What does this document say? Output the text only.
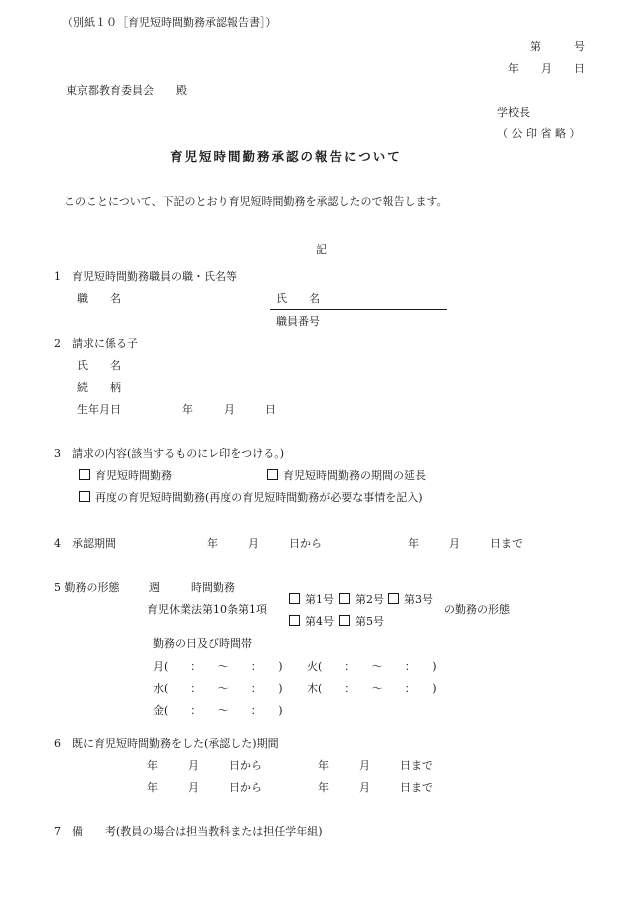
（別紙１０［育児短時間勤務承認報告書］）
第　　　号
年　　月　　日
東京都教育委員会　　殿
学校長
（ 公 印 省 略 ）
育児短時間勤務承認の報告について
このことについて、下記のとおり育児短時間勤務を承認したので報告します。
記
1　育児短時間勤務職員の職・氏名等
職　　名	氏　　名
職員番号
2　請求に係る子
氏　　名
続　　柄
生年月日	年	月	日
3　請求の内容(該当するものにレ印をつける。)
育児短時間勤務	育児短時間勤務の期間の延長
再度の育児短時間勤務(再度の育児短時間勤務が必要な事情を記入)
4　承認期間	年	月	日から	年	月	日まで
5 勤務の形態	週	時間勤務
育児休業法第10条第1項
第1号	第2号	第3号
第4号	第5号
の勤務の形態
勤務の日及び時間帯
月(　　：　　～　　：　　) 火(　　：　　～　　：　　)
水(　　：　　～　　：　　) 木(　　：　　～　　：　　)
金(　　：　　～　　：　　)
6　既に育児短時間勤務をした(承認した)期間
年	月	日から	年	月	日まで
年	月	日から	年	月	日まで
7　備　　考(教員の場合は担当教科または担任学年組)
